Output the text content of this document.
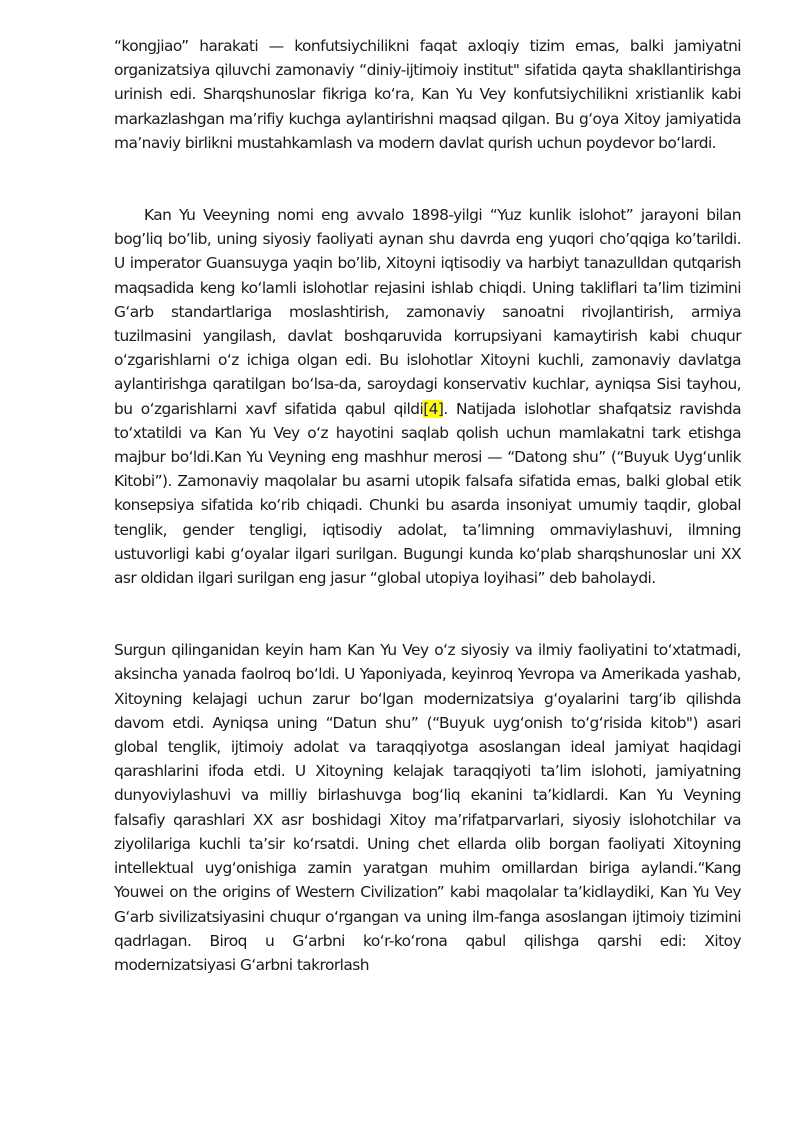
“kongjiao” harakati — konfutsiychilikni faqat axloqiy tizim emas, balki jamiyatni organizatsiya qiluvchi zamonaviy “diniy-ijtimoiy institut" sifatida qayta shakllantirishga urinish edi. Sharqshunoslar fikriga koʻra, Kan Yu Vey konfutsiychilikni xristianlik kabi markazlashgan maʼrifiy kuchga aylantirishni maqsad qilgan. Bu gʻoya Xitoy jamiyatida maʼnaviy birlikni mustahkamlash va modern davlat qurish uchun poydevor boʻlardi.

Kan Yu Veeyning nomi eng avvalo 1898-yilgi “Yuz kunlik islohot” jarayoni bilan bogʼliq boʼlib, uning siyosiy faoliyati aynan shu davrda eng yuqori choʼqqiga koʼtarildi. U imperator Guansuyga yaqin boʼlib, Xitoyni iqtisodiy va harbiyt tanazulldan qutqarish maqsadida keng koʻlamli islohotlar rejasini ishlab chiqdi. Uning takliflari taʼlim tizimini Gʻarb standartlariga moslashtirish, zamonaviy sanoatni rivojlantirish, armiya tuzilmasini yangilash, davlat boshqaruvida korrupsiyani kamaytirish kabi chuqur oʻzgarishlarni oʻz ichiga olgan edi. Bu islohotlar Xitoyni kuchli, zamonaviy davlatga aylantirishga qaratilgan boʻlsa-da, saroydagi konservativ kuchlar, ayniqsa Sisi tayhou, bu oʻzgarishlarni xavf sifatida qabul qildi[4]. Natijada islohotlar shafqatsiz ravishda toʻxtatildi va Kan Yu Vey oʻz hayotini saqlab qolish uchun mamlakatni tark etishga majbur boʻldi.Kan Yu Veyning eng mashhur merosi — “Datong shu” (“Buyuk Uygʻunlik Kitobi”). Zamonaviy maqolalar bu asarni utopik falsafa sifatida emas, balki global etik konsepsiya sifatida koʻrib chiqadi. Chunki bu asarda insoniyat umumiy taqdir, global tenglik, gender tengligi, iqtisodiy adolat, taʼlimning ommaviylashuvi, ilmning ustuvorligi kabi gʻoyalar ilgari surilgan. Bugungi kunda koʻplab sharqshunoslar uni XX asr oldidan ilgari surilgan eng jasur “global utopiya loyihasi” deb baholaydi.

Surgun qilinganidan keyin ham Kan Yu Vey oʻz siyosiy va ilmiy faoliyatini toʻxtatmadi, aksincha yanada faolroq boʻldi. U Yaponiyada, keyinroq Yevropa va Amerikada yashab, Xitoyning kelajagi uchun zarur boʻlgan modernizatsiya gʻoyalarini targʻib qilishda davom etdi. Ayniqsa uning “Datun shu” (“Buyuk uygʻonish toʻgʻrisida kitob") asari global tenglik, ijtimoiy adolat va taraqqiyotga asoslangan ideal jamiyat haqidagi qarashlarini ifoda etdi. U Xitoyning kelajak taraqqiyoti taʼlim islohoti, jamiyatning dunyoviylashuvi va milliy birlashuvga bogʻliq ekanini taʼkidlardi. Kan Yu Veyning falsafiy qarashlari XX asr boshidagi Xitoy maʼrifatparvarlari, siyosiy islohotchilar va ziyolilariga kuchli taʼsir koʻrsatdi. Uning chet ellarda olib borgan faoliyati Xitoyning intellektual uygʻonishiga zamin yaratgan muhim omillardan biriga aylandi.“Kang Youwei on the origins of Western Civilization” kabi maqolalar taʼkidlaydiki, Kan Yu Vey Gʻarb sivilizatsiyasini chuqur oʻrgangan va uning ilm-fanga asoslangan ijtimoiy tizimini qadrlagan. Biroq u Gʻarbni koʻr-koʻrona qabul qilishga qarshi edi: Xitoy modernizatsiyasi Gʻarbni takrorlash
